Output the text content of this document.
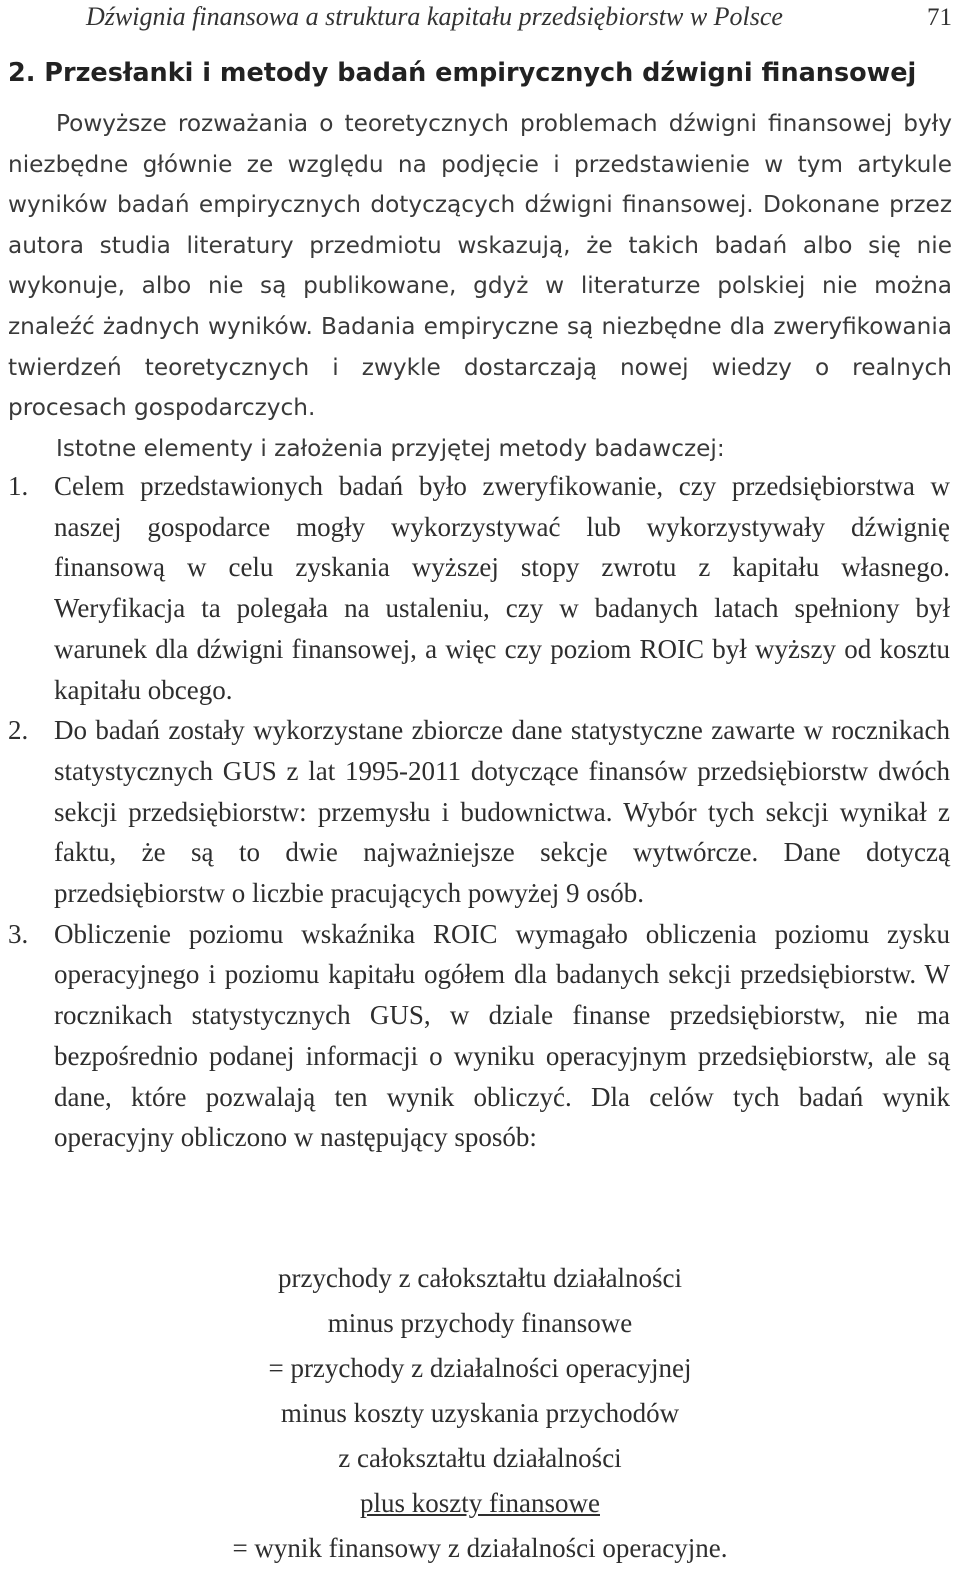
Dźwignia finansowa a struktura kapitału przedsiębiorstw w Polsce	71
2. Przesłanki i metody badań empirycznych dźwigni finansowej

Powyższe rozważania o teoretycznych problemach dźwigni finansowej były niezbędne głównie ze względu na podjęcie i przedstawienie w tym artykule wyników badań empirycznych dotyczących dźwigni finansowej. Dokonane przez autora studia literatury przedmiotu wskazują, że takich badań albo się nie wykonuje, albo nie są publikowane, gdyż w literaturze polskiej nie można znaleźć żadnych wyników. Badania empiryczne są niezbędne dla zweryfikowania twierdzeń teoretycznych i zwykle dostarczają nowej wiedzy o realnych procesach gospodarczych.

Istotne elementy i założenia przyjętej metody badawczej:

1. Celem przedstawionych badań było zweryfikowanie, czy przedsiębiorstwa w naszej gospodarce mogły wykorzystywać lub wykorzystywały dźwignię finansową w celu zyskania wyższej stopy zwrotu z kapitału własnego. Weryfikacja ta polegała na ustaleniu, czy w badanych latach spełniony był warunek dla dźwigni finansowej, a więc czy poziom ROIC był wyższy od kosztu kapitału obcego.
2. Do badań zostały wykorzystane zbiorcze dane statystyczne zawarte w rocznikach statystycznych GUS z lat 1995-2011 dotyczące finansów przedsiębiorstw dwóch sekcji przedsiębiorstw: przemysłu i budownictwa. Wybór tych sekcji wynikał z faktu, że są to dwie najważniejsze sekcje wytwórcze. Dane dotyczą przedsiębiorstw o liczbie pracujących powyżej 9 osób.
3. Obliczenie poziomu wskaźnika ROIC wymagało obliczenia poziomu zysku operacyjnego i poziomu kapitału ogółem dla badanych sekcji przedsiębiorstw. W rocznikach statystycznych GUS, w dziale finanse przedsiębiorstw, nie ma bezpośrednio podanej informacji o wyniku operacyjnym przedsiębiorstw, ale są dane, które pozwalają ten wynik obliczyć. Dla celów tych badań wynik operacyjny obliczono w następujący sposób:
przychody z całokształtu działalności
minus przychody finansowe
= przychody z działalności operacyjnej
minus koszty uzyskania przychodów
z całokształtu działalności
plus koszty finansowe
= wynik finansowy z działalności operacyjne.
